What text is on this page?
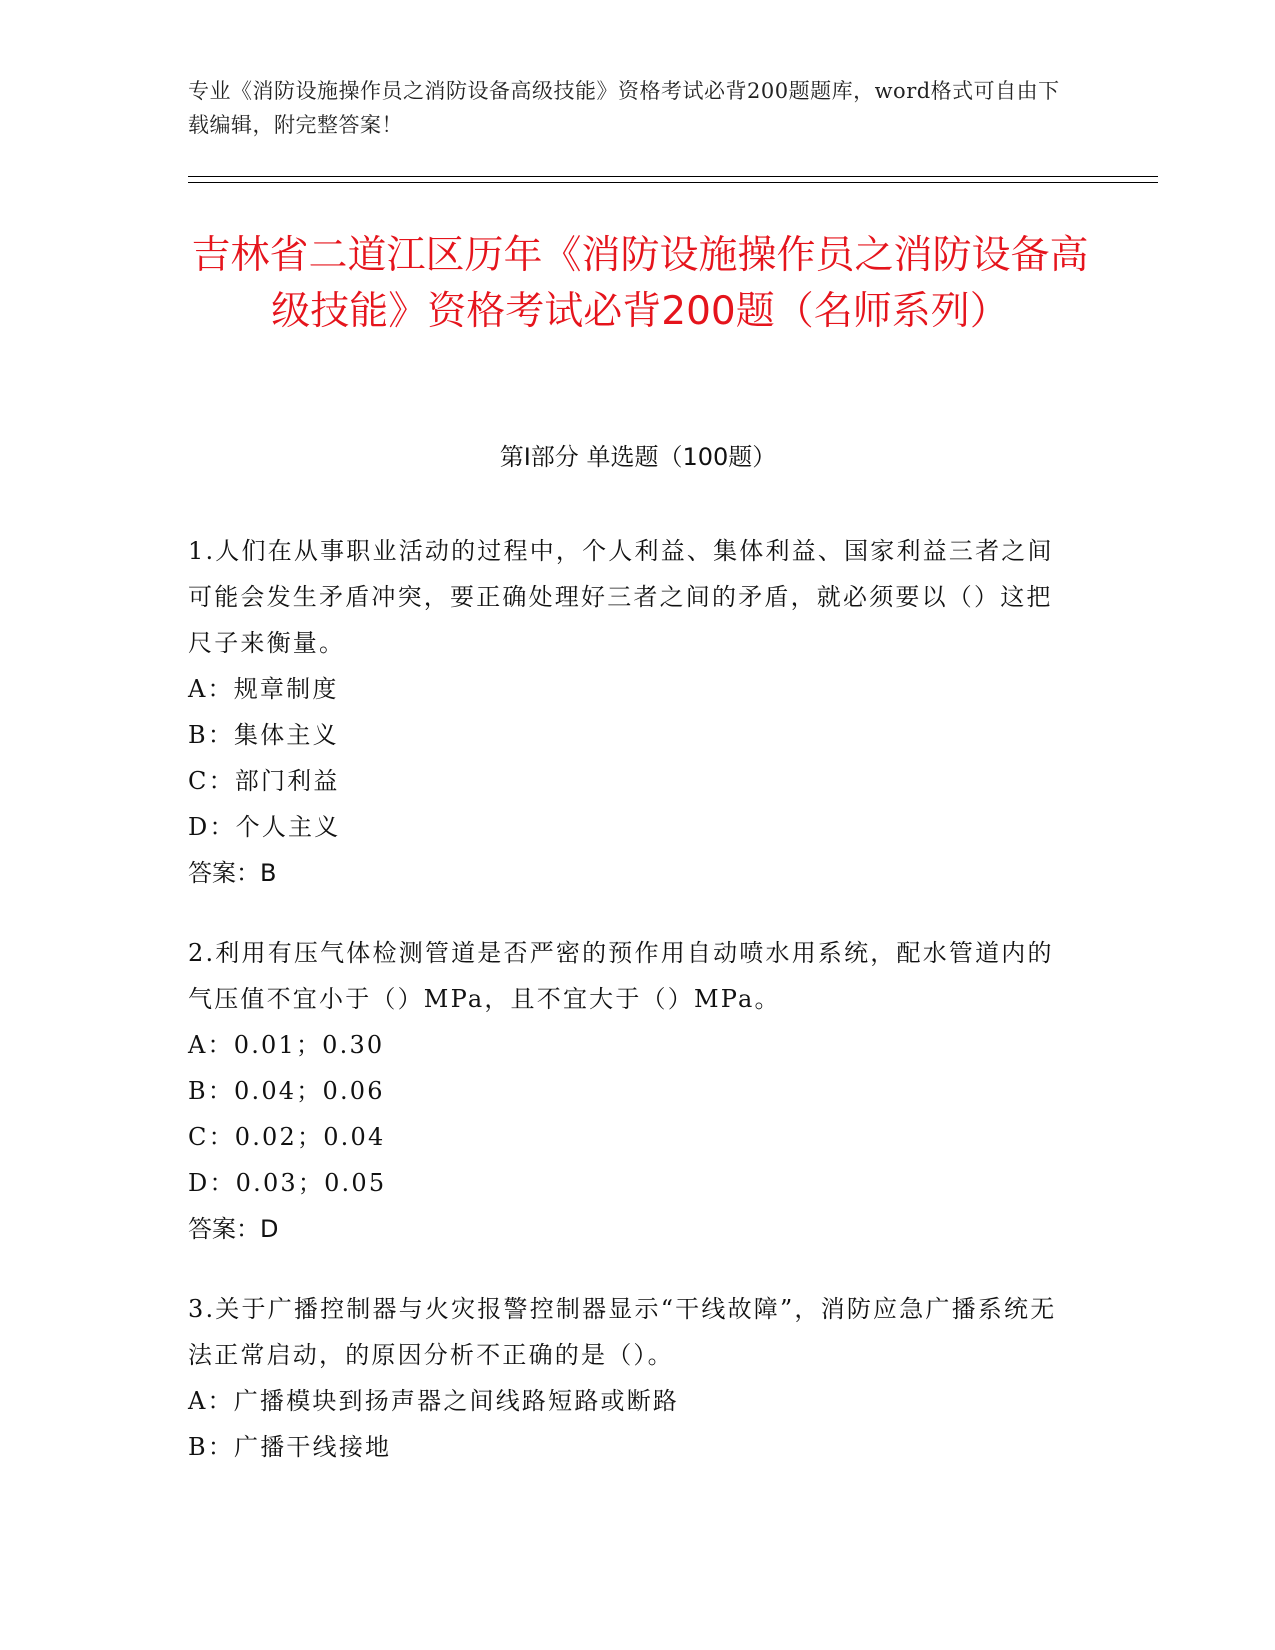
专业《消防设施操作员之消防设备高级技能》资格考试必背200题题库，word格式可自由下载编辑，附完整答案！
吉林省二道江区历年《消防设施操作员之消防设备高级技能》资格考试必背200题（名师系列）
第I部分 单选题（100题）
1.人们在从事职业活动的过程中，个人利益、集体利益、国家利益三者之间可能会发生矛盾冲突，要正确处理好三者之间的矛盾，就必须要以（）这把尺子来衡量。
A：规章制度
B：集体主义
C：部门利益
D：个人主义
答案：B
2.利用有压气体检测管道是否严密的预作用自动喷水用系统，配水管道内的气压值不宜小于（）MPa，且不宜大于（）MPa。
A：0.01；0.30
B：0.04；0.06
C：0.02；0.04
D：0.03；0.05
答案：D
3.关于广播控制器与火灾报警控制器显示“干线故障”，消防应急广播系统无法正常启动，的原因分析不正确的是（）。
A：广播模块到扬声器之间线路短路或断路
B：广播干线接地
